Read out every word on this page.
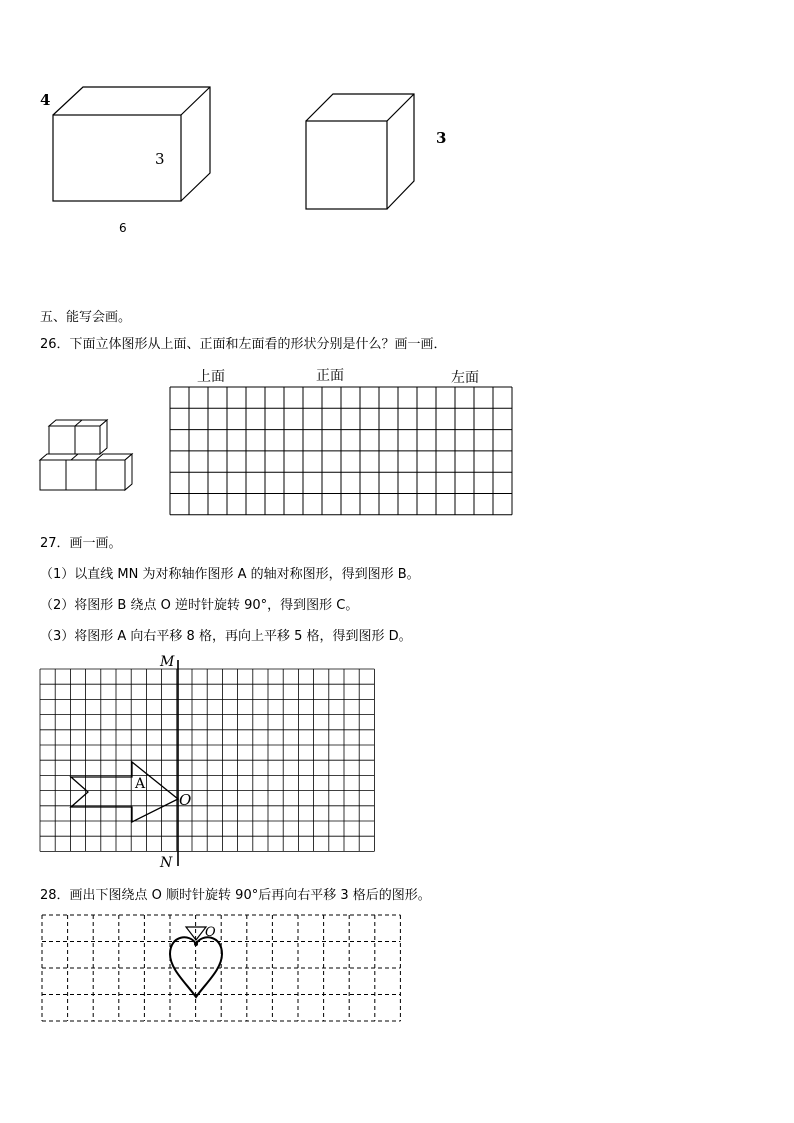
4
3
6
3
五、能写会画。
26．下面立体图形从上面、正面和左面看的形状分别是什么？画一画．
上面	正面	左面
27．画一画。
（1）以直线 MN 为对称轴作图形 A 的轴对称图形，得到图形 B。
（2）将图形 B 绕点 O 逆时针旋转 90°，得到图形 C。
（3）将图形 A 向右平移 8 格，再向上平移 5 格，得到图形 D。
M
N
O
A
28．画出下图绕点 O 顺时针旋转 90°后再向右平移 3 格后的图形。
O
